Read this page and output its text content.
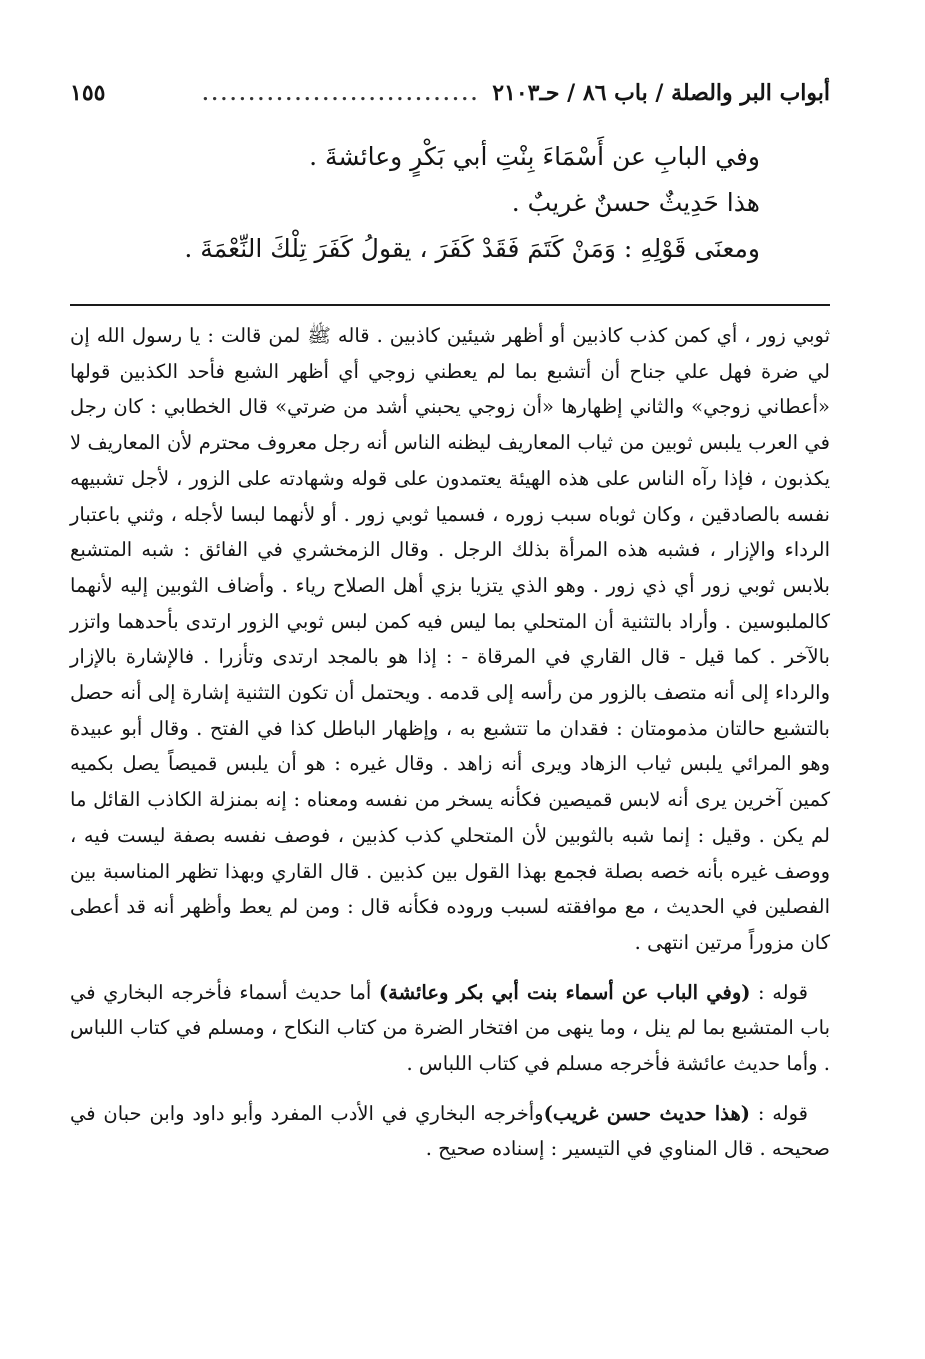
أبواب البر والصلة / باب ٨٦ / حـ٢١٠٣
..............................
١٥٥

وفي البابِ عن أَسْمَاءَ بِنْتِ أبي بَكْرٍ وعائشةَ .

هذا حَدِيثٌ حسنٌ غريبٌ .

ومعنَى قَوْلِهِ : وَمَنْ كَتَمَ فَقَدْ كَفَرَ ، يقولُ كَفَرَ تِلْكَ النِّعْمَةَ .

ثوبي زور ، أي كمن كذب كاذبين أو أظهر شيئين كاذبين . قاله ﷺ لمن قالت : يا رسول الله إن لي ضرة فهل علي جناح أن أتشبع بما لم يعطني زوجي أي أظهر الشبع فأحد الكذبين قولها «أعطاني زوجي» والثاني إظهارها «أن زوجي يحبني أشد من ضرتي» قال الخطابي : كان رجل في العرب يلبس ثوبين من ثياب المعاريف ليظنه الناس أنه رجل معروف محترم لأن المعاريف لا يكذبون ، فإذا رآه الناس على هذه الهيئة يعتمدون على قوله وشهادته على الزور ، لأجل تشبيهه نفسه بالصادقين ، وكان ثوباه سبب زوره ، فسميا ثوبي زور . أو لأنهما لبسا لأجله ، وثني باعتبار الرداء والإزار ، فشبه هذه المرأة بذلك الرجل . وقال الزمخشري في الفائق : شبه المتشبع بلابس ثوبي زور أي ذي زور . وهو الذي يتزيا بزي أهل الصلاح رياء . وأضاف الثوبين إليه لأنهما كالملبوسين . وأراد بالتثنية أن المتحلي بما ليس فيه كمن لبس ثوبي الزور ارتدى بأحدهما واتزر بالآخر . كما قيل - قال القاري في المرقاة - : إذا هو بالمجد ارتدى وتأزرا . فالإشارة بالإزار والرداء إلى أنه متصف بالزور من رأسه إلى قدمه . ويحتمل أن تكون التثنية إشارة إلى أنه حصل بالتشبع حالتان مذمومتان : فقدان ما تتشبع به ، وإظهار الباطل كذا في الفتح . وقال أبو عبيدة وهو المرائي يلبس ثياب الزهاد ويرى أنه زاهد . وقال غيره : هو أن يلبس قميصاً يصل بكميه كمين آخرين يرى أنه لابس قميصين فكأنه يسخر من نفسه ومعناه : إنه بمنزلة الكاذب القائل ما لم يكن . وقيل : إنما شبه بالثوبين لأن المتحلي كذب كذبين ، فوصف نفسه بصفة ليست فيه ، ووصف غيره بأنه خصه بصلة فجمع بهذا القول بين كذبين . قال القاري وبهذا تظهر المناسبة بين الفصلين في الحديث ، مع موافقته لسبب وروده فكأنه قال : ومن لم يعط وأظهر أنه قد أعطى كان مزوراً مرتين انتهى .

قوله : (وفي الباب عن أسماء بنت أبي بكر وعائشة) أما حديث أسماء فأخرجه البخاري في باب المتشبع بما لم ينل ، وما ينهى من افتخار الضرة من كتاب النكاح ، ومسلم في كتاب اللباس . وأما حديث عائشة فأخرجه مسلم في كتاب اللباس .

قوله : (هذا حديث حسن غريب)وأخرجه البخاري في الأدب المفرد وأبو داود وابن حبان في صحيحه . قال المناوي في التيسير : إسناده صحيح .
